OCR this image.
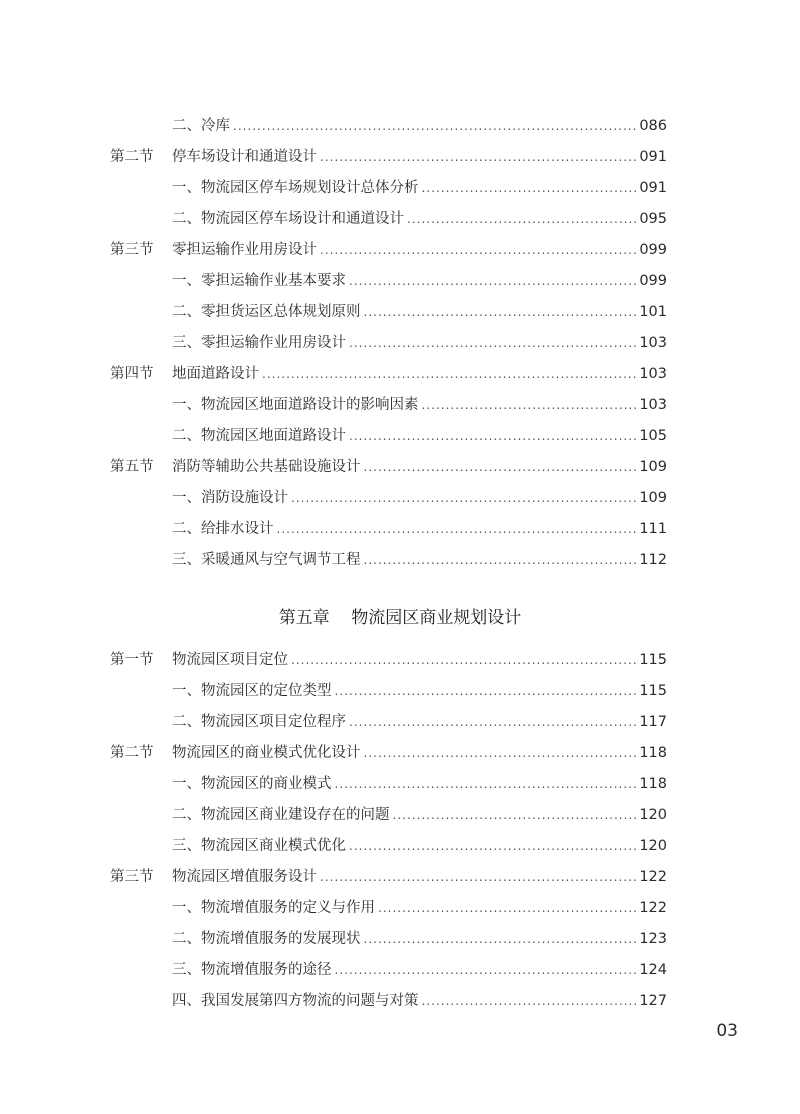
二、冷库 .....	086
第二节 停车场设计和通道设计 .....	091
一、物流园区停车场规划设计总体分析 .....	091
二、物流园区停车场设计和通道设计 .....	095
第三节 零担运输作业用房设计 .....	099
一、零担运输作业基本要求 .....	099
二、零担货运区总体规划原则 .....	101
三、零担运输作业用房设计 .....	103
第四节 地面道路设计 .....	103
一、物流园区地面道路设计的影响因素 .....	103
二、物流园区地面道路设计 .....	105
第五节 消防等辅助公共基础设施设计 .....	109
一、消防设施设计 .....	109
二、给排水设计 .....	111
三、采暖通风与空气调节工程 .....	112
第一节 物流园区项目定位 .....	115
一、物流园区的定位类型 .....	115
二、物流园区项目定位程序 .....	117
第二节 物流园区的商业模式优化设计 .....	118
一、物流园区的商业模式 .....	118
二、物流园区商业建设存在的问题 .....	120
三、物流园区商业模式优化 .....	120
第三节 物流园区增值服务设计 .....	122
一、物流增值服务的定义与作用 .....	122
二、物流增值服务的发展现状 .....	123
三、物流增值服务的途径 .....	124
四、我国发展第四方物流的问题与对策 .....	127
第五章 物流园区商业规划设计
03
